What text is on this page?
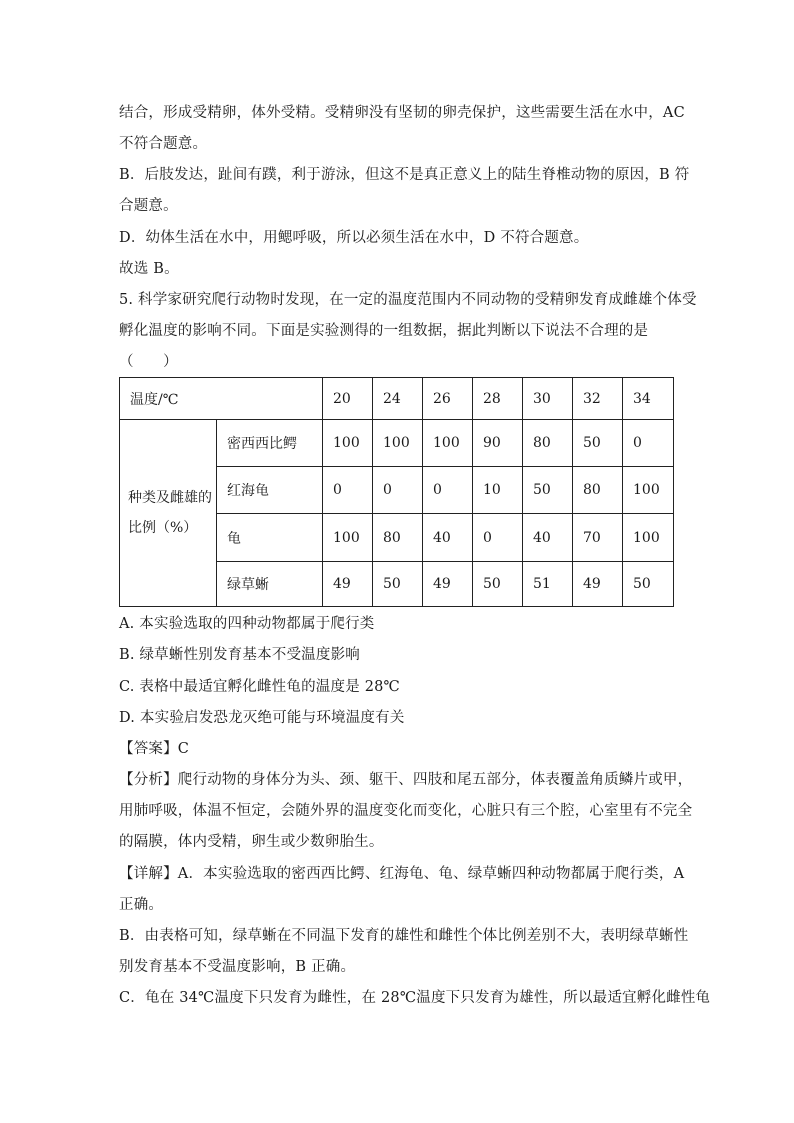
结合，形成受精卵，体外受精。受精卵没有坚韧的卵壳保护，这些需要生活在水中，AC
不符合题意。
B．后肢发达，趾间有蹼，利于游泳，但这不是真正意义上的陆生脊椎动物的原因，B 符
合题意。
D．幼体生活在水中，用鳃呼吸，所以必须生活在水中，D 不符合题意。
故选 B。
5. 科学家研究爬行动物时发现，在一定的温度范围内不同动物的受精卵发育成雌雄个体受
孵化温度的影响不同。下面是实验测得的一组数据，据此判断以下说法不合理的是
（　　）
温度/℃		20	24	26	28	30	32	34
种类及雌雄的比例（%）	密西西比鳄	100	100	100	90	80	50	0
	红海龟	0	0	0	10	50	80	100
	龟	100	80	40	0	40	70	100
	绿草蜥	49	50	49	50	51	49	50
A. 本实验选取的四种动物都属于爬行类
B. 绿草蜥性别发育基本不受温度影响
C. 表格中最适宜孵化雌性龟的温度是 28℃
D. 本实验启发恐龙灭绝可能与环境温度有关
【答案】C
【分析】爬行动物的身体分为头、颈、躯干、四肢和尾五部分，体表覆盖角质鳞片或甲，
用肺呼吸，体温不恒定，会随外界的温度变化而变化，心脏只有三个腔，心室里有不完全
的隔膜，体内受精，卵生或少数卵胎生。
【详解】A．本实验选取的密西西比鳄、红海龟、龟、绿草蜥四种动物都属于爬行类，A
正确。
B．由表格可知，绿草蜥在不同温下发育的雄性和雌性个体比例差别不大，表明绿草蜥性
别发育基本不受温度影响，B 正确。
C．龟在 34℃温度下只发育为雌性，在 28℃温度下只发育为雄性，所以最适宜孵化雌性龟
